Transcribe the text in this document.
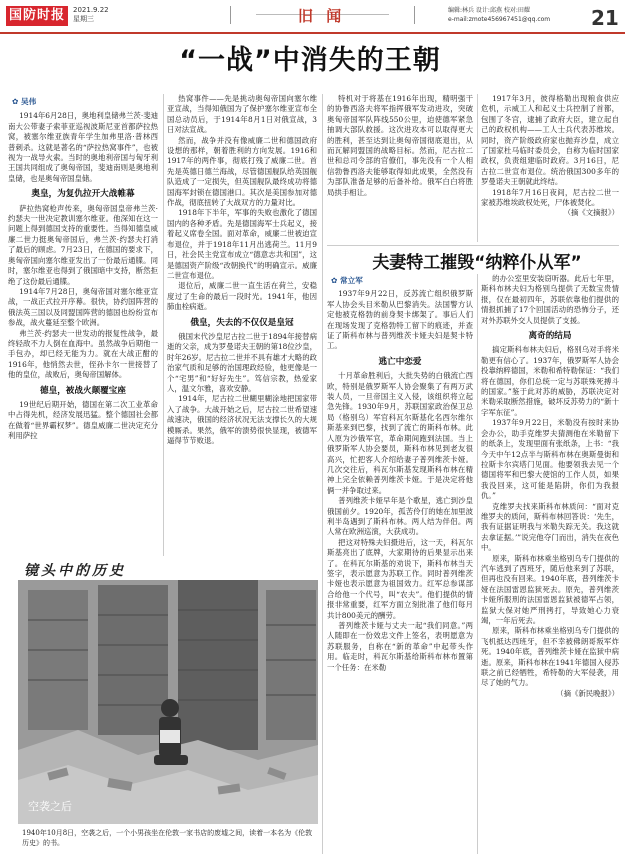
国防时报	2021.9.22
星期三	旧 闻	编辑:林兵 设计:邱燕 校对:田耀
e-mail:zmote456967451@qq.com 21
“一战”中消失的王朝

✿ 吴伟

1914年6月28日，奥地利皇储弗兰茨·斐迪南大公带妻子索菲亚巡视波斯尼亚首都萨拉热窝，被塞尔维亚族青年学生加弗里洛·普林西普刺杀。这就是著名的“萨拉热窝事件”，也被视为一战导火索。当时的奥地利帝国与匈牙利王国共同组成了奥匈帝国，斐迪南则是奥地利皇储，也是奥匈帝国皇储。

奥皇，为复仇拉开大战帷幕

萨拉热窝枪声传来，奥匈帝国皇帝弗兰茨·约瑟夫一世决定教训塞尔维亚。他深知在这一问题上得到德国支持的重要性。当得知德皇威廉二世力挺奥匈帝国后，弗兰茨·约瑟夫打消了最后的顾虑。7月23日，在德国的要求下，奥匈帝国向塞尔维亚发出了一份最后通牒。同时，塞尔维亚也得到了俄国暗中支持，断然拒绝了这份最后通牒。

1914年7月28日，奥匈帝国对塞尔维亚宣战，一战正式拉开序幕。很快，协约国阵营的俄法英三国以及同盟国阵营的德国也纷纷宣布参战，战火蔓延至整个欧洲。

弗兰茨·约瑟夫一世发动的报复性战争，最终轻敌不力人倒在血海中。虽然战争后期他一手包办，却已经无能为力。就在大战正酣的1916年，他悄然去世，侄孙卡尔一世接替了他的皇位，战败后，奥匈帝国解体。

德皇，被战火颠覆宝座

19世纪后期开始，德国在第二次工业革命中占得先机，经济发展迅猛。整个德国社会都在做着“世界霸权梦”。德皇威廉二世决定充分利用萨拉

热窝事件——先是挑动奥匈帝国向塞尔维亚宣战，当得知俄国为了保护塞尔维亚宣布全国总动员后，于1914年8月1日对俄宣战，3日对法宣战。

然而，战争并没有像威廉二世和德国政府设想的那样，朝着胜利的方向发展。1916和1917年的两件事，彻底打残了威廉二世。首先是英德日德兰海战，尽管德国舰队给英国舰队造成了一定损失，但英国舰队最终成功将德国海军封锁在德国港口。其次是美国参加对德作战，彻底扭转了大战双方的力量对比。

1918年下半年，军事的失败也激化了德国国内的各种矛盾。先是德国海军士兵起义，接着起义席卷全国。面对革命，威廉二世被迫宣布退位，并于1918年11月出逃荷兰。11月9日，社会民主党宣布成立“德意志共和国”，这是德国资产阶级“改朝换代”的明确宣示。威廉二世宣布退位。

退位后，威廉二世一直生活在荷兰，安稳度过了生命的最后一段时光。1941年，他因肺血栓病逝。

俄皇，失去的不仅仅是皇冠

俄国末代沙皇尼古拉二世于1894年接替病逝的父亲，成为罗曼诺夫王朝的第18位沙皇，时年26岁。尼古拉二世并不具有雄才大略的政治家气质和足够的治国理政经验，他更像是一个“宅男”和“好好先生”。笃信宗教，热爱家人，温文尔雅，喜欢安静。

1914年，尼古拉二世糊里糊涂地把国家带入了战争。大战开始之后，尼古拉二世希望速战速决，俄国的经济状况无法支撑长久的大规模厮杀。果然，俄军的溃势很快显现，被德军逼得节节败退。

特机对于将基在1916年出现，精明强干的协鲁西洛夫将军指挥俄军发动进攻，突破奥匈帝国军队阵线550公里，迫使德军紧急抽调大部队救援。这次进攻本可以取得更大的胜利，甚至达到让奥匈帝国彻底退出，从而瓦解同盟国的战略目标。然而，尼古拉二世和总司令部的官僚们，事先没有一个人相信勃鲁西洛夫能够取得如此成果，全然没有为部队准备足够的后备补给。俄军白白将胜局拱手相让。

1917年3月，彼得格勒出现粮食供应危机，示威工人和起义士兵控制了首都，包围了冬宫，逮捕了政府大臣，建立起自己的政权机构——工人士兵代表苏维埃。同时，资产阶级政府家也抛弃沙皇，成立了国家杜马临时委员会，自称为临时国家政权，负责组建临时政府。3月16日，尼古拉二世宣布退位。统治俄国300多年的罗曼诺夫王朝就此终结。

1918年7月16日夜间，尼古拉二世一家被苏维埃政权处死，尸体被焚化。

（摘《文摘报》）

夫妻特工摧毁“纳粹仆从军”

✿ 常立军

1937年9月22日，反苏流亡组织俄罗斯军人协会头目米勒从巴黎消失。法国警方认定他被克格勃的前身契卡绑架了。事后人们在现场发现了克格勃特工留下的痕迹，并查证了斯科布林与普列维茨卡娅夫妇是契卡特工。

逃亡中恋爱

十月革命胜利后，大批失势的白俄流亡西欧，特别是俄罗斯军人协会聚集了有两万武装人员，一旦帝国主义入侵，该组织将立起急先锋。1930年9月，苏联国家政治保卫总局（格别乌）军官科瓦尔斯基化名西尔维尔斯基来到巴黎，找到了流亡的斯科布林。此人原为沙俄军官，革命期间跑到法国。当上俄罗斯军人协会要员，斯科布林见到老友很高兴，忙把客人介绍给妻子普列维茨卡娅。几次交往后，科瓦尔斯基发现斯科布林在精神上完全依赖普列维茨卡娅。于是决定将他俩一并争取过来。

普列维茨卡娅早年是个歌星，逃亡到沙皇俄国前夕。1920年，孤苦伶仃的她在加里波利半岛遇到了斯科布林。两人结为伴侣。两人常在欧洲巡演，大获成功。

把这对特殊夫妇摄进后，这一天，科瓦尔斯基亮出了底牌，大家期待的后果显示出来了。在科瓦尔斯基的劝说下，斯科布林当天签字，表示愿意为苏联工作。同时普列维茨卡娅也表示愿意为祖国效力。红军总参谋部合给他一个代号，叫“农夫”。他们提供的情报非常重要，红军方面立刻批准了他们每月共计800美元的酬劳。

普列维茨卡娅与丈夫一起“我们同意。”两人随即在一份效忠文件上签名，表明愿意为苏联服务，自称在“新的革命”中起带头作用。临走时，科瓦尔斯基给斯科布林布置第一个任务：在米勒

的办公室里安装窃听器。此后七年里，斯科布林夫妇为格别乌提供了无数宝贵情报，仅在最初四年，苏联依靠他们提供的情报抓捕了17个回国活动的恐怖分子，还对外苏联外交人员提供了支援。

离奇的结局

搞定斯科布林夫妇后，格别乌对手将米勒更有信心了。1937年，俄罗斯军人协会投靠纳粹德国，米勒和希特勒保证：“我们将在德国，你们总统一定与苏联殊死搏斗的国家。”鉴于此对苏的威胁，苏联决定对米勒采取断然措施，破坏反苏势力的“新十字军东征”。

1937年9月22日，米勒没有按时来协会办公，助手克维罗夫猜测他在米勒留下的纸条上，发现里面有张纸条，上书：“我今天中午12点半与斯科布林在奥斯曼街和拉斯卡尔宾塔门见面。他要领我去见一个德国将军和巴黎大使馆的工作人员，如果我没回来，这可能是陷阱，你们为我报仇。”

克维罗夫找来斯科布林质问：“面对克维罗夫的质问，斯科布林回答说：‘先生，我有证据证明我与米勒失踪无关。我这就去拿证据。’”说完他夺门而出，消失在夜色中。

原来，斯科布林乘坐格别乌专门提供的汽车逃到了西班牙，随后他来到了苏联，但再也没有回来。1940年底，普列维茨卡娅在法国雷恩监狱死去。原先，普列维茨卡娅所服刑的法国雷恩监狱被德军占领，监狱大保对她严刑拷打，导致她心力衰竭，一年后死去。

原来，斯科布林乘坐格别乌专门提供的飞机抵达西班牙，但不幸被佛朗哥叛军炸死。1940年底，普列维茨卡娅在监狱中病逝。原来，斯科布林在1941年德国入侵苏联之前已经牺牲，希特勒的大军侵袭，用尽了她的气力。

（摘《新民晚报》）

镜头中的历史
空袭之后
1940年10月8日，空袭之后，一个小男孩坐在伦敦一家书店的废墟之间，读着一本名为《伦敦历史》的书。
